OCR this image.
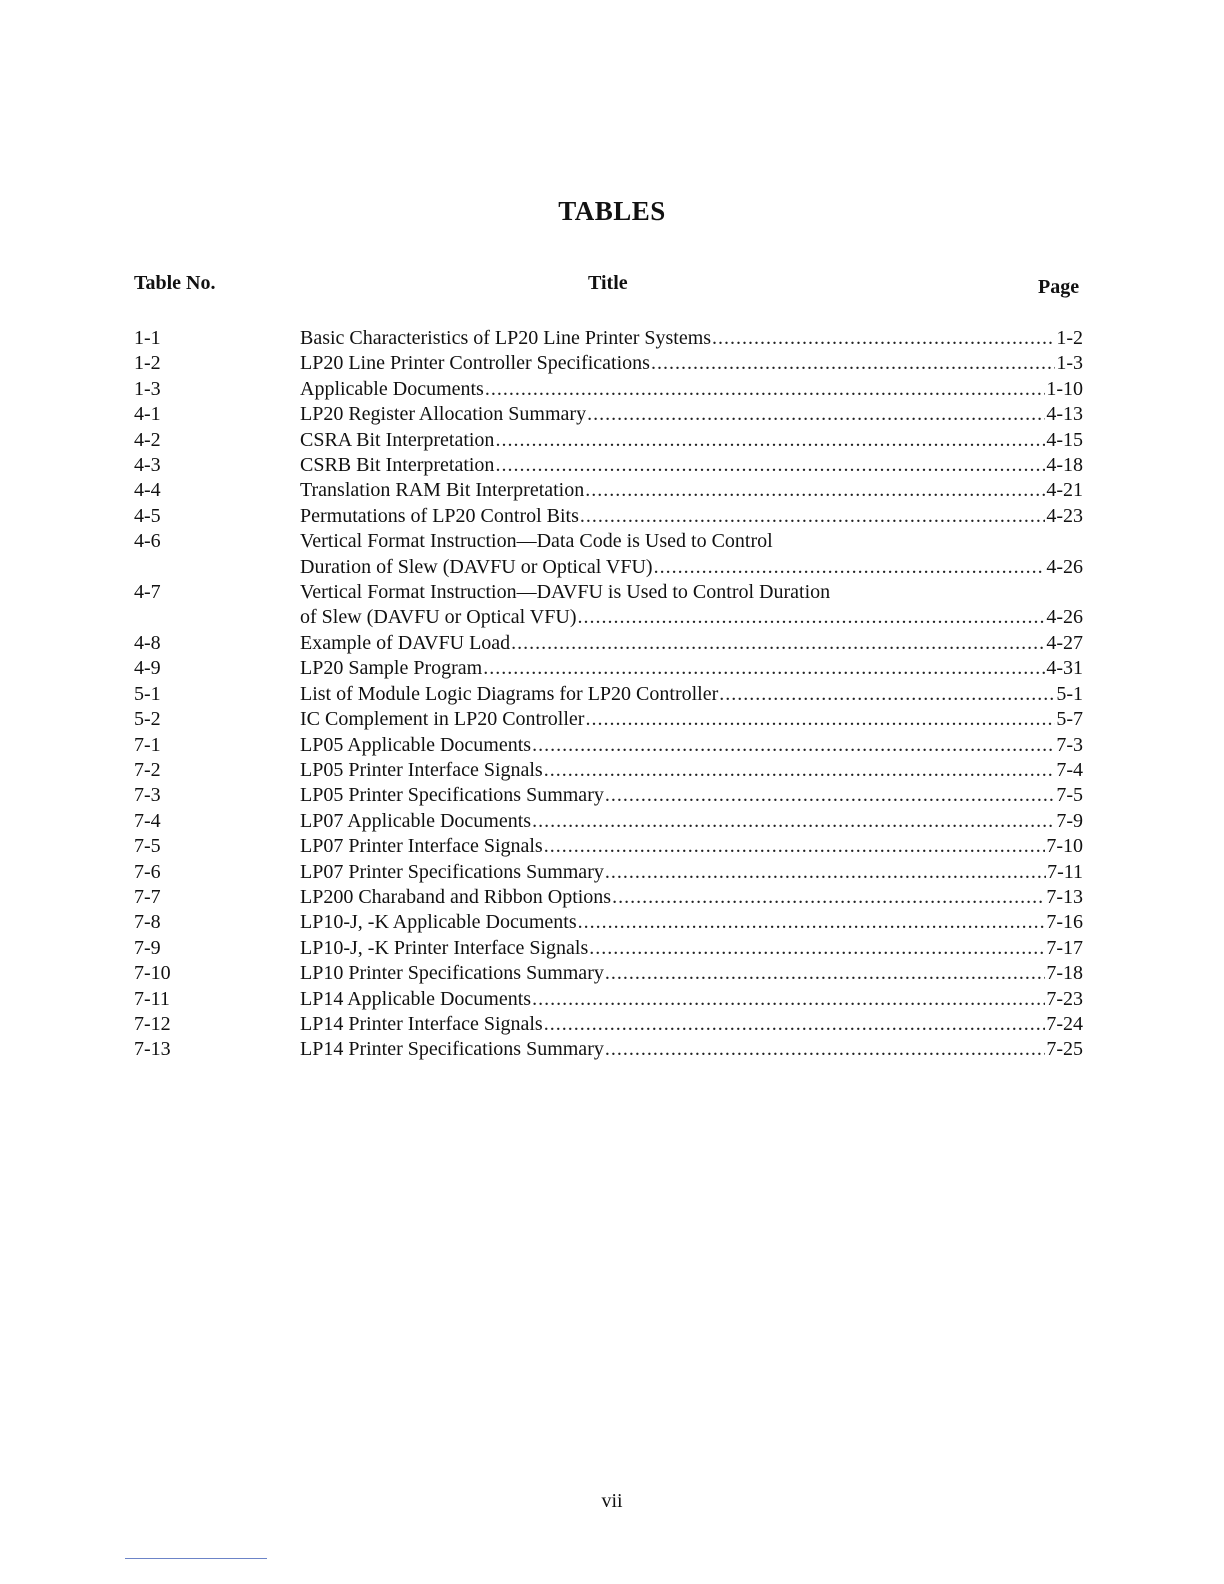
TABLES
Table No.	Title	Page
1-1	Basic Characteristics of LP20 Line Printer Systems .....	1-2
1-2	LP20 Line Printer Controller Specifications .....	1-3
1-3	Applicable Documents .....	1-10
4-1	LP20 Register Allocation Summary .....	4-13
4-2	CSRA Bit Interpretation .....	4-15
4-3	CSRB Bit Interpretation .....	4-18
4-4	Translation RAM Bit Interpretation .....	4-21
4-5	Permutations of LP20 Control Bits .....	4-23
4-6	Vertical Format Instruction—Data Code is Used to Control
Duration of Slew (DAVFU or Optical VFU) .....	4-26
4-7	Vertical Format Instruction—DAVFU is Used to Control Duration
of Slew (DAVFU or Optical VFU) .....	4-26
4-8	Example of DAVFU Load .....	4-27
4-9	LP20 Sample Program .....	4-31
5-1	List of Module Logic Diagrams for LP20 Controller .....	5-1
5-2	IC Complement in LP20 Controller .....	5-7
7-1	LP05 Applicable Documents .....	7-3
7-2	LP05 Printer Interface Signals .....	7-4
7-3	LP05 Printer Specifications Summary .....	7-5
7-4	LP07 Applicable Documents .....	7-9
7-5	LP07 Printer Interface Signals .....	7-10
7-6	LP07 Printer Specifications Summary .....	7-11
7-7	LP200 Charaband and Ribbon Options .....	7-13
7-8	LP10-J, -K Applicable Documents .....	7-16
7-9	LP10-J, -K Printer Interface Signals .....	7-17
7-10	LP10 Printer Specifications Summary .....	7-18
7-11	LP14 Applicable Documents .....	7-23
7-12	LP14 Printer Interface Signals .....	7-24
7-13	LP14 Printer Specifications Summary .....	7-25
vii
